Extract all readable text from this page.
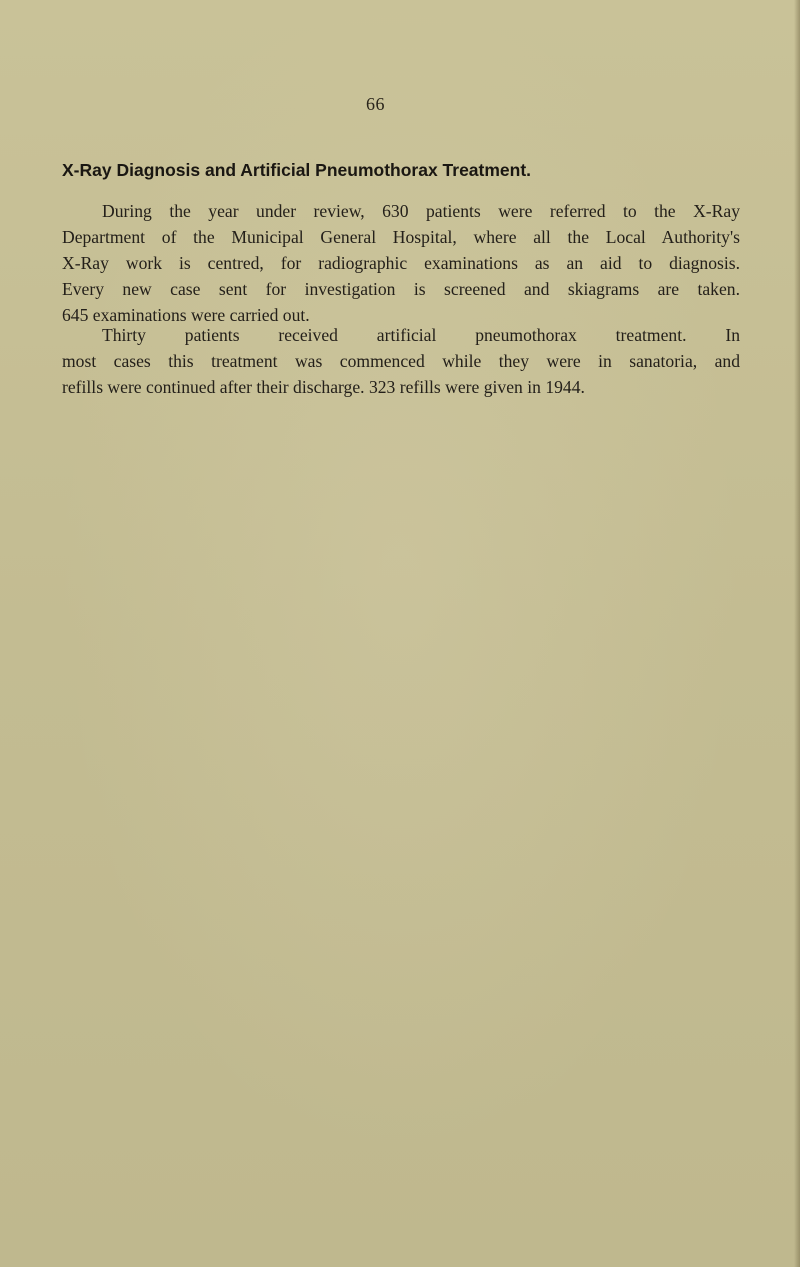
66
X-Ray Diagnosis and Artificial Pneumothorax Treatment.
During the year under review, 630 patients were referred to the X-Ray
Department of the Municipal General Hospital, where all the Local Authority's
X-Ray work is centred, for radiographic examinations as an aid to diagnosis.
Every new case sent for investigation is screened and skiagrams are taken.
645 examinations were carried out.
Thirty patients received artificial pneumothorax treatment. In
most cases this treatment was commenced while they were in sanatoria, and
refills were continued after their discharge. 323 refills were given in 1944.
